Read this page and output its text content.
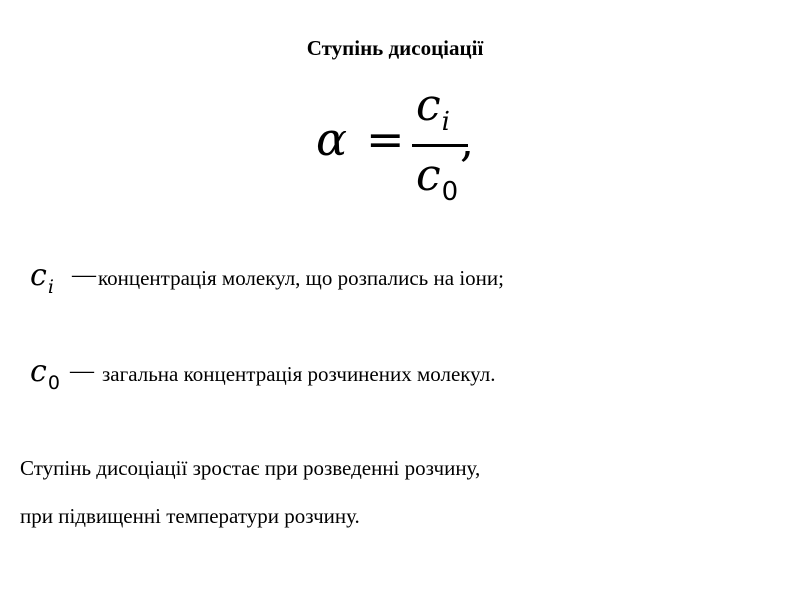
Ступінь дисоціації
α =
$c_i$
$c_0$
,
$c_i$ — концентрація молекул, що розпались на іони;
$c_0$ — загальна концентрація розчинених молекул.
Ступінь дисоціації зростає при розведенні розчину,
при підвищенні температури розчину.
